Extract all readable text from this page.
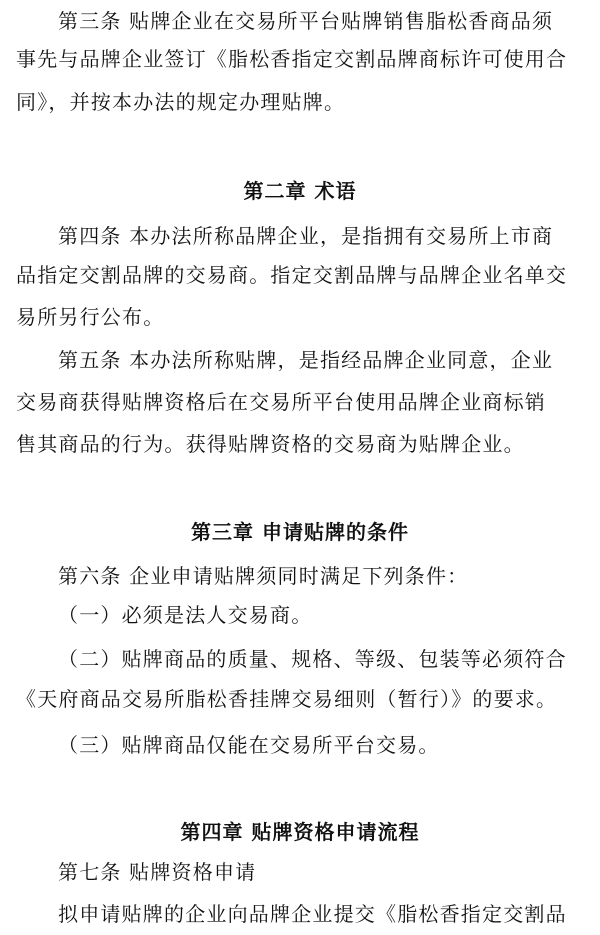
第三条 贴牌企业在交易所平台贴牌销售脂松香商品须
事先与品牌企业签订《脂松香指定交割品牌商标许可使用合
同》，并按本办法的规定办理贴牌。
第二章 术语
第四条 本办法所称品牌企业，是指拥有交易所上市商
品指定交割品牌的交易商。指定交割品牌与品牌企业名单交
易所另行公布。
第五条 本办法所称贴牌，是指经品牌企业同意，企业
交易商获得贴牌资格后在交易所平台使用品牌企业商标销
售其商品的行为。获得贴牌资格的交易商为贴牌企业。
第三章 申请贴牌的条件
第六条 企业申请贴牌须同时满足下列条件：
（一）必须是法人交易商。
（二）贴牌商品的质量、规格、等级、包装等必须符合
《天府商品交易所脂松香挂牌交易细则（暂行）》的要求。
（三）贴牌商品仅能在交易所平台交易。
第四章 贴牌资格申请流程
第七条 贴牌资格申请
拟申请贴牌的企业向品牌企业提交《脂松香指定交割品
